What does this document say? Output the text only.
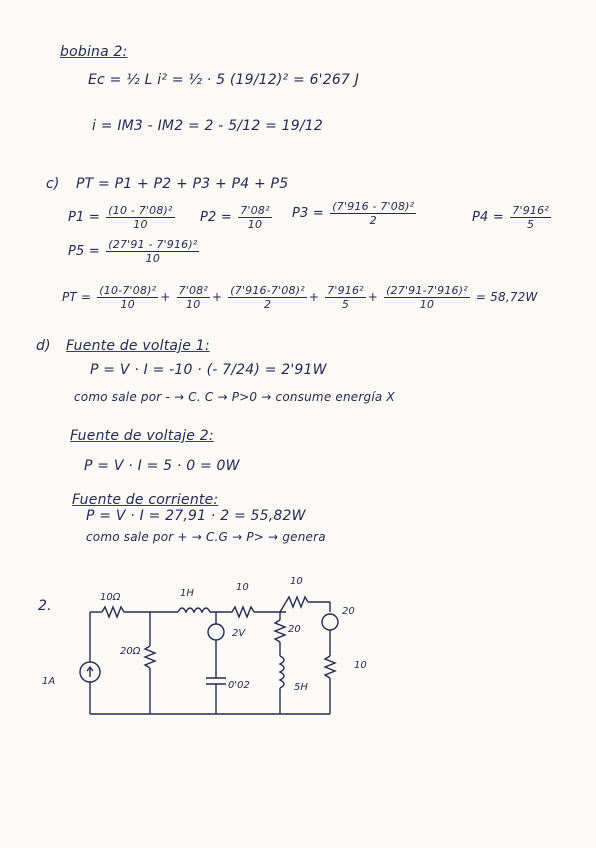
bobina 2:
Ec = ½ L i² = ½ · 5 (19/12)² = 6'267 J
i = IM3 - IM2 = 2 - 5/12 = 19/12
c) PT = P1 + P2 + P3 + P4 + P5
$P1 = \frac{\text{(10 - 7'08)²}}{10} P2 = \frac{\text{7'08²}}{10} P3 = \frac{\text{(7'916 - 7'08)²}}{2}$	$P4 = \frac{\text{7'916²}}{5}$
$P5 = \frac{\text{(27'91 - 7'916)²}}{10}$
PT = $\frac{\text{(10-7'08)²}}{10} + \frac{\text{7'08²}}{10} + \frac{\text{(7'916-7'08)²}}{2} + \frac{\text{7'916²}}{5} + \frac{\text{(27'91-7'916)²}}{10} = 58,72W$
d) Fuente de voltaje 1:
P = V · I = -10 · (- 7/24) = 2'91W
como sale por - → C. C → P>0 → consume energía X
Fuente de voltaje 2:
P = V · I = 5 · 0 = 0W
Fuente de corriente:
P = V · I = 27,91 · 2 = 55,82W
como sale por + → C.G → P> → genera
2.
10Ω	1H
10
10
20
1A
20Ω
2V	20
0'02	5H
10
